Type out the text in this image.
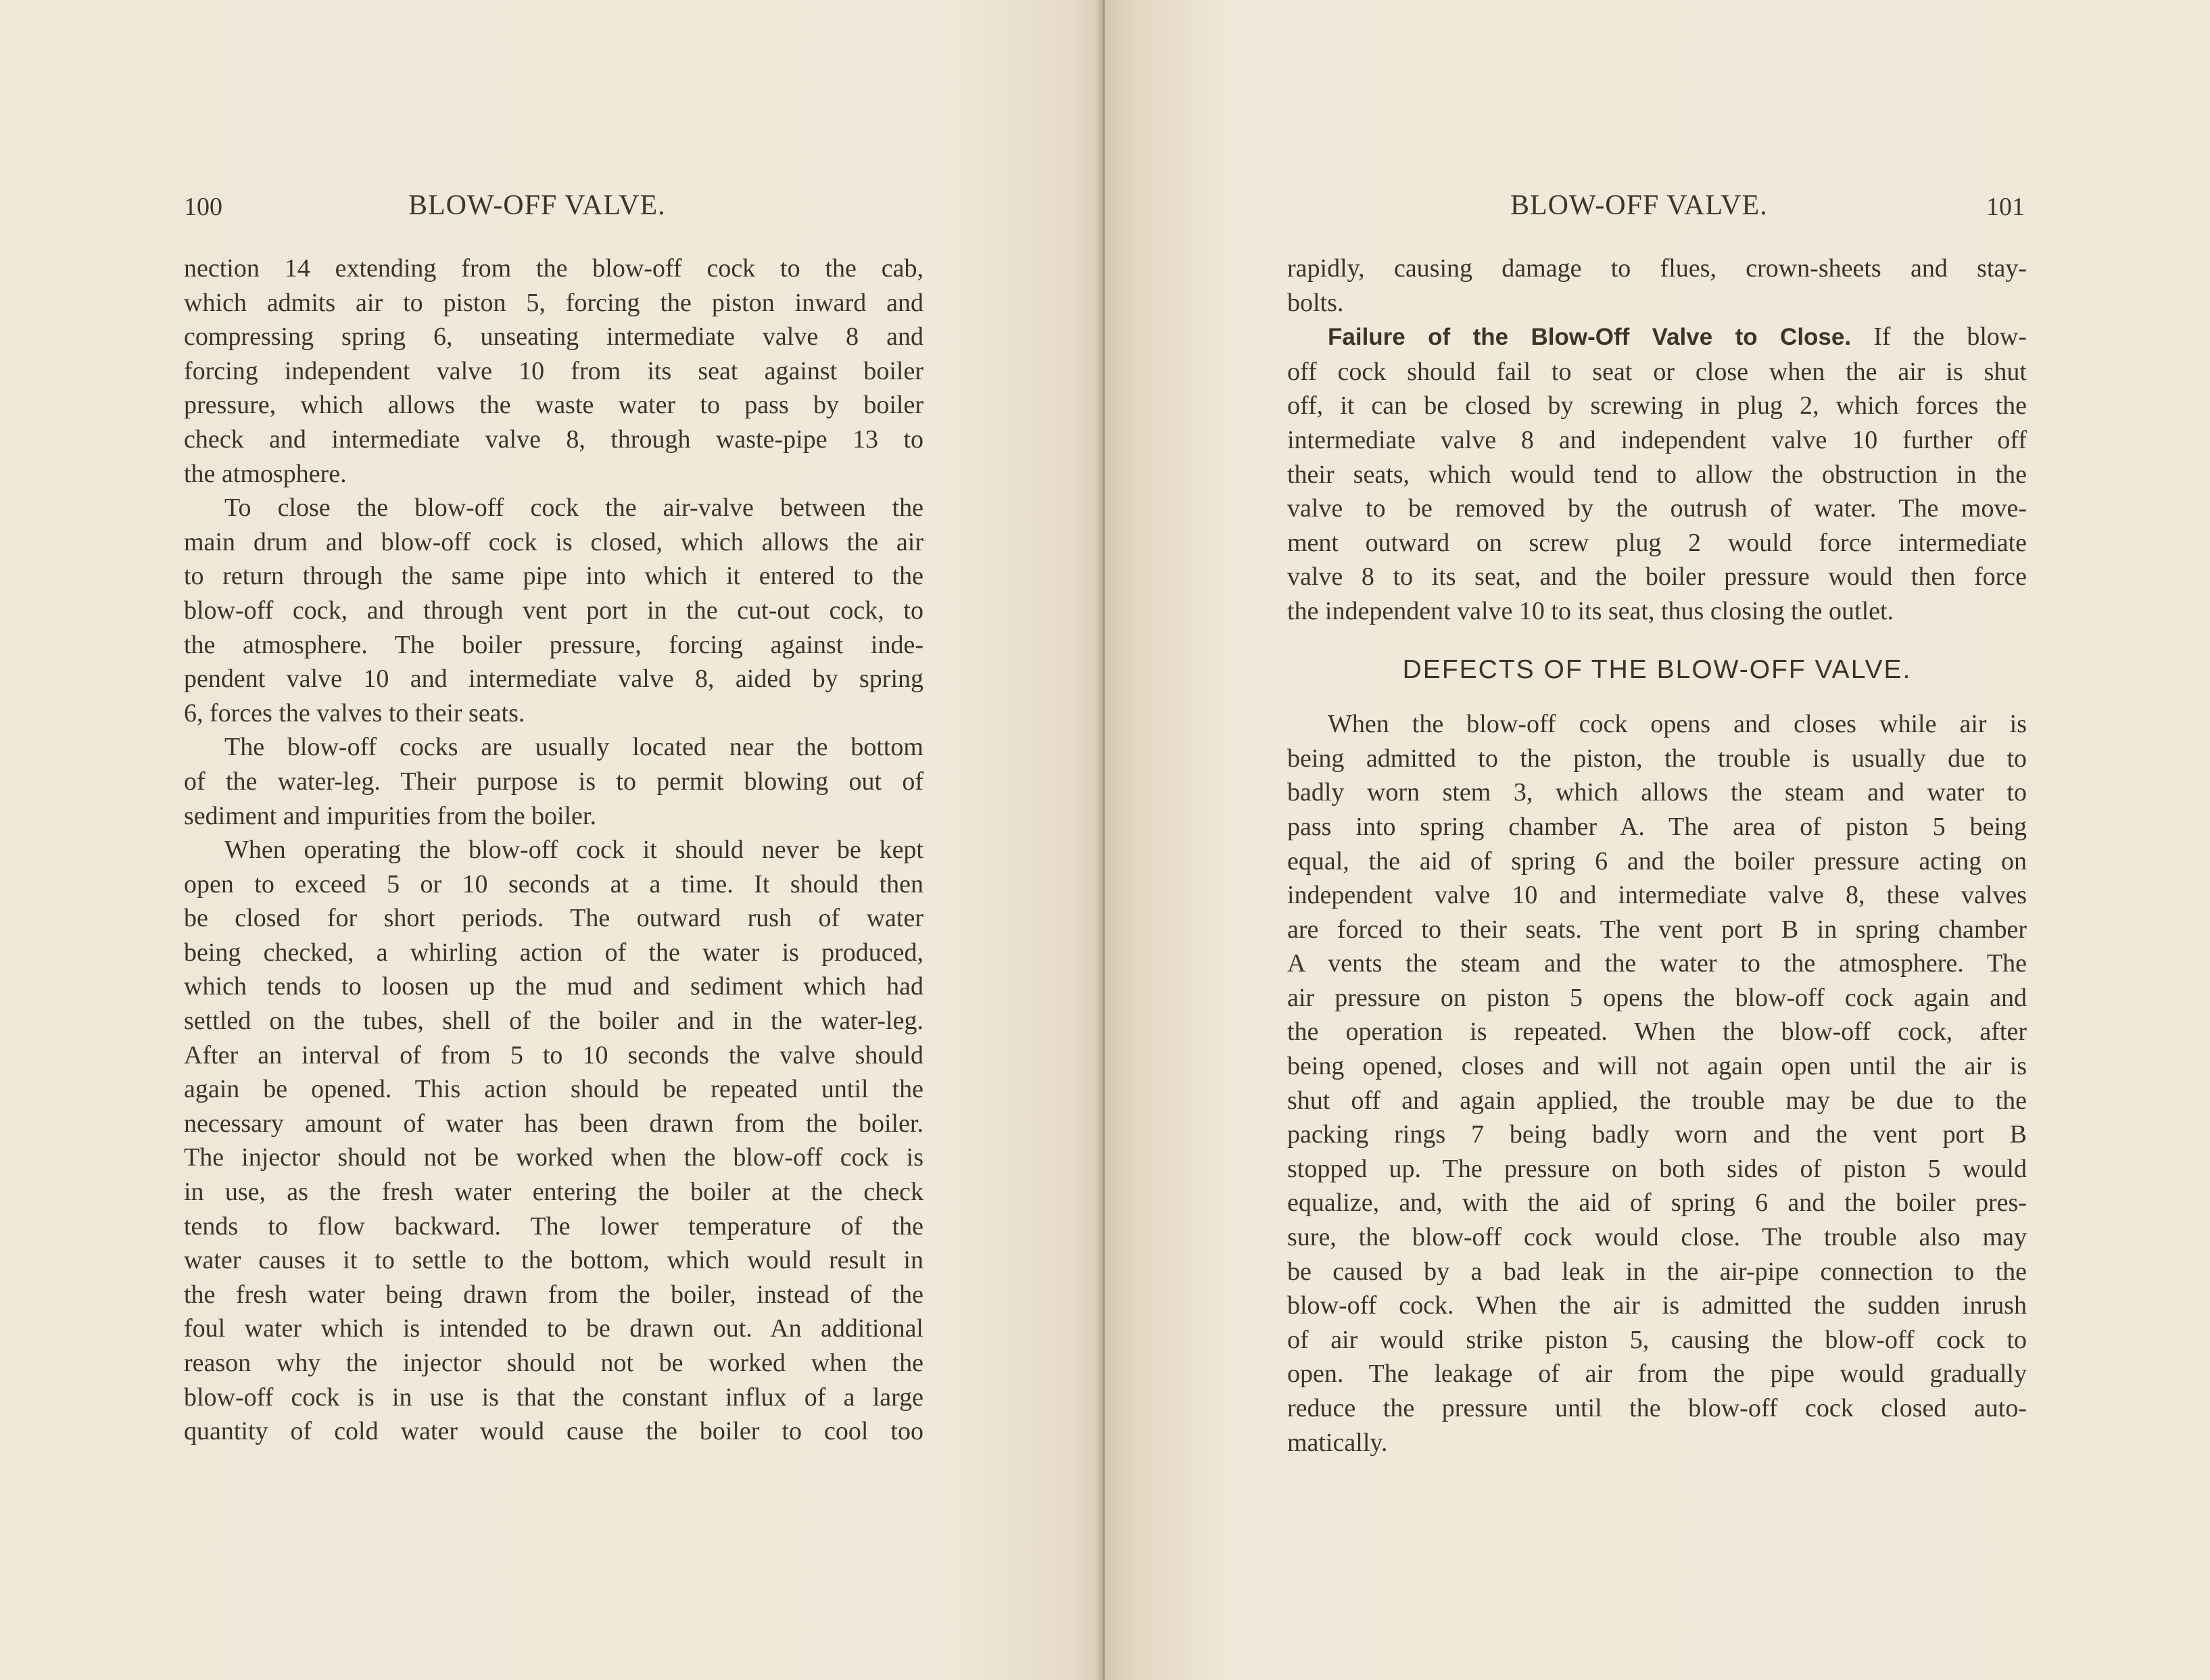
100	BLOW-OFF VALVE.

nection 14 extending from the blow-off cock to the cab,
which admits air to piston 5, forcing the piston inward and
compressing spring 6, unseating intermediate valve 8 and
forcing independent valve 10 from its seat against boiler
pressure, which allows the waste water to pass by boiler
check and intermediate valve 8, through waste-pipe 13 to
the atmosphere.

To close the blow-off cock the air-valve between the
main drum and blow-off cock is closed, which allows the air
to return through the same pipe into which it entered to the
blow-off cock, and through vent port in the cut-out cock, to
the atmosphere. The boiler pressure, forcing against inde-
pendent valve 10 and intermediate valve 8, aided by spring
6, forces the valves to their seats.

The blow-off cocks are usually located near the bottom
of the water-leg. Their purpose is to permit blowing out of
sediment and impurities from the boiler.

When operating the blow-off cock it should never be kept
open to exceed 5 or 10 seconds at a time. It should then
be closed for short periods. The outward rush of water
being checked, a whirling action of the water is produced,
which tends to loosen up the mud and sediment which had
settled on the tubes, shell of the boiler and in the water-leg.
After an interval of from 5 to 10 seconds the valve should
again be opened. This action should be repeated until the
necessary amount of water has been drawn from the boiler.
The injector should not be worked when the blow-off cock is
in use, as the fresh water entering the boiler at the check
tends to flow backward. The lower temperature of the
water causes it to settle to the bottom, which would result in
the fresh water being drawn from the boiler, instead of the
foul water which is intended to be drawn out. An additional
reason why the injector should not be worked when the
blow-off cock is in use is that the constant influx of a large
quantity of cold water would cause the boiler to cool too

BLOW-OFF VALVE.	101

rapidly, causing damage to flues, crown-sheets and stay-
bolts.

Failure of the Blow-Off Valve to Close. If the blow-
off cock should fail to seat or close when the air is shut
off, it can be closed by screwing in plug 2, which forces the
intermediate valve 8 and independent valve 10 further off
their seats, which would tend to allow the obstruction in the
valve to be removed by the outrush of water. The move-
ment outward on screw plug 2 would force intermediate
valve 8 to its seat, and the boiler pressure would then force
the independent valve 10 to its seat, thus closing the outlet.

DEFECTS OF THE BLOW-OFF VALVE.

When the blow-off cock opens and closes while air is
being admitted to the piston, the trouble is usually due to
badly worn stem 3, which allows the steam and water to
pass into spring chamber A. The area of piston 5 being
equal, the aid of spring 6 and the boiler pressure acting on
independent valve 10 and intermediate valve 8, these valves
are forced to their seats. The vent port B in spring chamber
A vents the steam and the water to the atmosphere. The
air pressure on piston 5 opens the blow-off cock again and
the operation is repeated. When the blow-off cock, after
being opened, closes and will not again open until the air is
shut off and again applied, the trouble may be due to the
packing rings 7 being badly worn and the vent port B
stopped up. The pressure on both sides of piston 5 would
equalize, and, with the aid of spring 6 and the boiler pres-
sure, the blow-off cock would close. The trouble also may
be caused by a bad leak in the air-pipe connection to the
blow-off cock. When the air is admitted the sudden inrush
of air would strike piston 5, causing the blow-off cock to
open. The leakage of air from the pipe would gradually
reduce the pressure until the blow-off cock closed auto-
matically.
